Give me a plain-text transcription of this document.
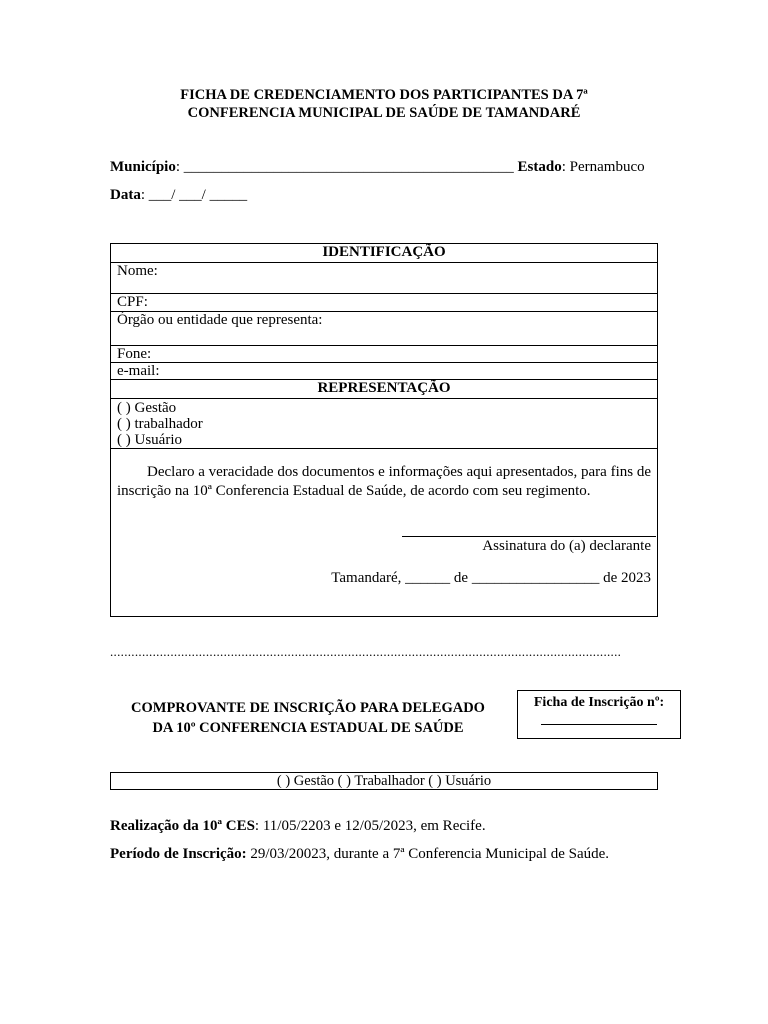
FICHA DE CREDENCIAMENTO DOS PARTICIPANTES DA 7ª
CONFERENCIA MUNICIPAL DE SAÚDE DE TAMANDARÉ
Município: ____________________________________________ Estado: Pernambuco
Data: ___/ ___/ _____
IDENTIFICAÇÃO
Nome:
CPF:
Órgão ou entidade que representa:
Fone:
e-mail:
REPRESENTAÇÃO
( ) Gestão
( ) trabalhador
( ) Usuário

Declaro a veracidade dos documentos e informações aqui apresentados, para fins de inscrição na 10ª Conferencia Estadual de Saúde, de acordo com seu regimento.

Assinatura do (a) declarante
Tamandaré, ______ de _________________ de 2023
................................................................................................................................................
COMPROVANTE DE INSCRIÇÃO PARA DELEGADO
DA 10º CONFERENCIA ESTADUAL DE SAÚDE
Ficha de Inscrição nº:
( ) Gestão ( ) Trabalhador ( ) Usuário
Realização da 10ª CES: 11/05/2203 e 12/05/2023, em Recife.
Período de Inscrição: 29/03/20023, durante a 7ª Conferencia Municipal de Saúde.
